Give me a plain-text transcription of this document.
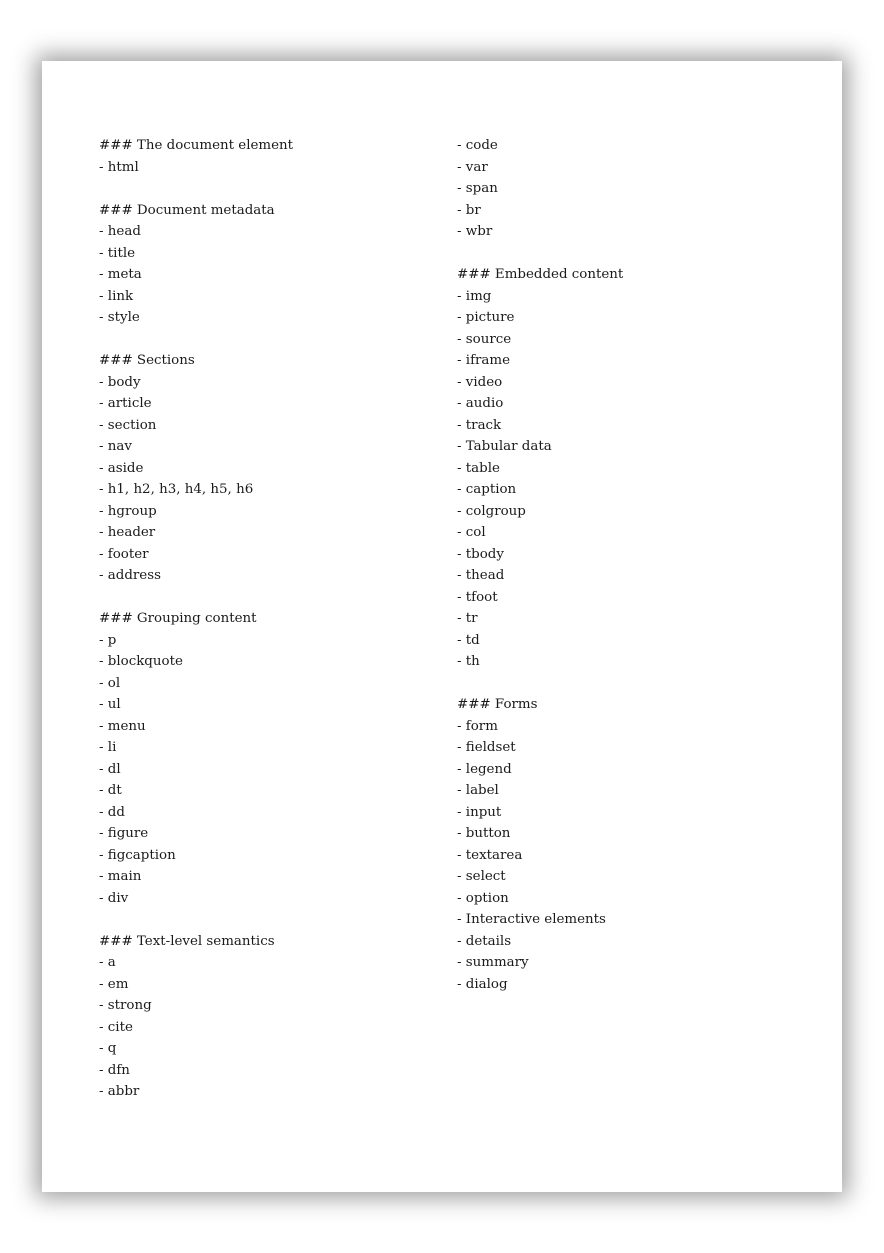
### The document element
- html
### Document metadata
- head
- title
- meta
- link
- style
### Sections
- body
- article
- section
- nav
- aside
- h1, h2, h3, h4, h5, h6
- hgroup
- header
- footer
- address
### Grouping content
- p
- blockquote
- ol
- ul
- menu
- li
- dl
- dt
- dd
- figure
- figcaption
- main
- div
### Text-level semantics
- a
- em
- strong
- cite
- q
- dfn
- abbr
- code
- var
- span
- br
- wbr
### Embedded content
- img
- picture
- source
- iframe
- video
- audio
- track
- Tabular data
- table
- caption
- colgroup
- col
- tbody
- thead
- tfoot
- tr
- td
- th
### Forms
- form
- fieldset
- legend
- label
- input
- button
- textarea
- select
- option
- Interactive elements
- details
- summary
- dialog
